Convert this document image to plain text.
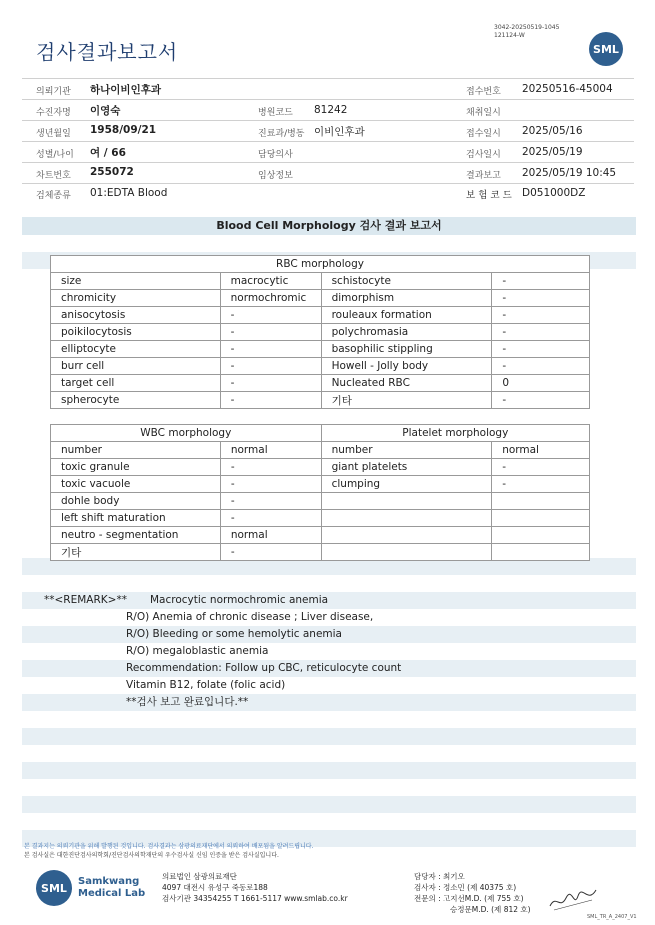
검사결과보고서
3042-20250519-1045
121124-W
SML
의뢰기관 하나이비인후과	접수번호 20250516-45004
수진자명 이영숙	병원코드 81242	채취일시
생년월일 1958/09/21	진료과/병동 이비인후과	접수일시 2025/05/16
성별/나이 여 / 66	담당의사	검사일시 2025/05/19
차트번호 255072	임상정보	결과보고 2025/05/19 10:45
검체종류 01:EDTA Blood	보 험 코 드 D051000DZ
Blood Cell Morphology 검사 결과 보고서
RBC morphology			
size	macrocytic	schistocyte	-
chromicity	normochromic	dimorphism	-
anisocytosis	-	rouleaux formation	-
poikilocytosis	-	polychromasia	-
elliptocyte	-	basophilic stippling	-
burr cell	-	Howell - Jolly body	-
target cell	-	Nucleated RBC	0
spherocyte	-	기타	-
WBC morphology		Platelet morphology	
number	normal	number	normal
toxic granule	-	giant platelets	-
toxic vacuole	-	clumping	-
dohle body	-		
left shift maturation	-		
neutro - segmentation	normal		
기타	-		
**<REMARK>** Macrocytic normochromic anemia
R/O) Anemia of chronic disease ; Liver disease,
R/O) Bleeding or some hemolytic anemia
R/O) megaloblastic anemia
Recommendation: Follow up CBC, reticulocyte count
Vitamin B12, folate (folic acid)
**검사 보고 완료입니다.**
본 결과지는 의뢰기관을 위해 발행된 것입니다. 검사결과는 삼광의료재단에서 의뢰하여 배포됨을 알려드립니다.
본 검사실은 대한진단검사의학회/진단검사의학재단의 우수검사실 신임 인증을 받은 검사실입니다.
SML	Samkwang
Medical Lab
의료법인 삼광의료재단
4097 대전시 유성구 죽동로188
검사기관 34354255 T 1661-5117 www.smlab.co.kr
담당자 : 최기오
검사자 : 정소민 (제 40375 호)
전문의 : 고지선M.D. (제 755 호)
승정문M.D. (제 812 호)
SML_TR_A_2407_V1
